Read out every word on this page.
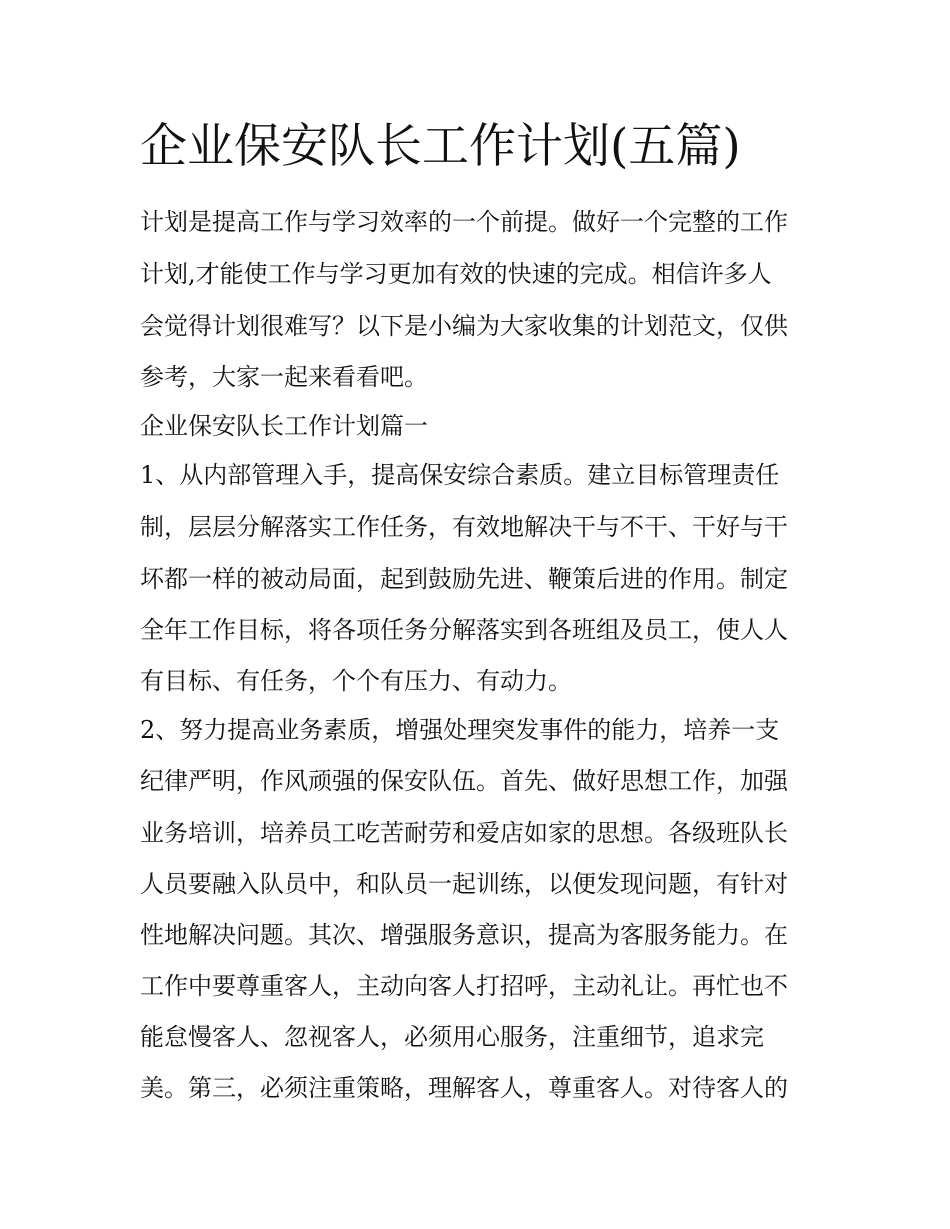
企业保安队长工作计划(五篇)

计划是提高工作与学习效率的一个前提。做好一个完整的工作

计划,才能使工作与学习更加有效的快速的完成。相信许多人

会觉得计划很难写？以下是小编为大家收集的计划范文，仅供

参考，大家一起来看看吧。

企业保安队长工作计划篇一

1、从内部管理入手，提高保安综合素质。建立目标管理责任

制，层层分解落实工作任务，有效地解决干与不干、干好与干

坏都一样的被动局面，起到鼓励先进、鞭策后进的作用。制定

全年工作目标，将各项任务分解落实到各班组及员工，使人人

有目标、有任务，个个有压力、有动力。

2、努力提高业务素质，增强处理突发事件的能力，培养一支

纪律严明，作风顽强的保安队伍。首先、做好思想工作，加强

业务培训，培养员工吃苦耐劳和爱店如家的思想。各级班队长

人员要融入队员中，和队员一起训练，以便发现问题，有针对

性地解决问题。其次、增强服务意识，提高为客服务能力。在

工作中要尊重客人，主动向客人打招呼，主动礼让。再忙也不

能怠慢客人、忽视客人，必须用心服务，注重细节，追求完

美。第三，必须注重策略，理解客人，尊重客人。对待客人的
